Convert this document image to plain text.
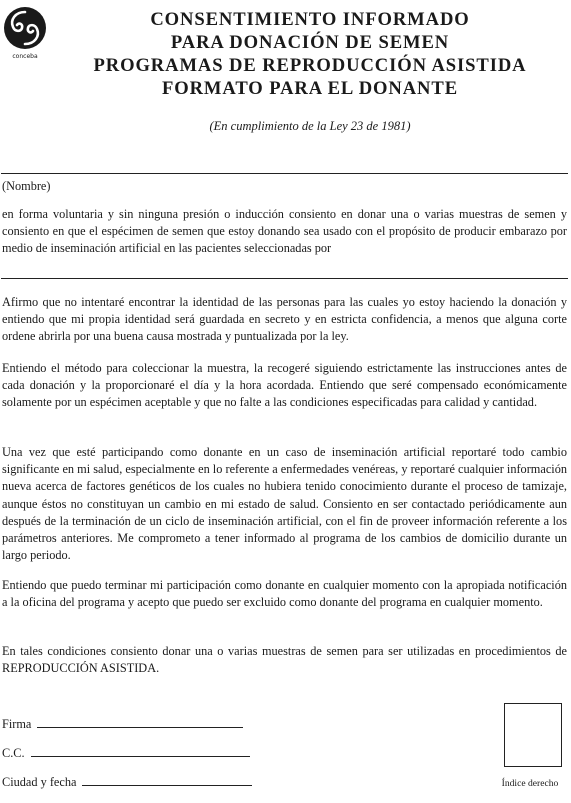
conceba
CONSENTIMIENTO INFORMADO
PARA DONACIÓN DE SEMEN
PROGRAMAS DE REPRODUCCIÓN ASISTIDA
FORMATO PARA EL DONANTE
(En cumplimiento de la Ley 23 de 1981)
(Nombre)

en forma voluntaria y sin ninguna presión o inducción consiento en donar una o varias muestras de semen y consiento en que el espécimen de semen que estoy donando sea usado con el propósito de producir embarazo por medio de inseminación artificial en las pacientes seleccionadas por

Afirmo que no intentaré encontrar la identidad de las personas para las cuales yo estoy haciendo la donación y entiendo que mi propia identidad será guardada en secreto y en estricta confidencia, a menos que alguna corte ordene abrirla por una buena causa mostrada y puntualizada por la ley.

Entiendo el método para coleccionar la muestra, la recogeré siguiendo estrictamente las instrucciones antes de cada donación y la proporcionaré el día y la hora acordada. Entiendo que seré compensado económicamente solamente por un espécimen aceptable y que no falte a las condiciones especificadas para calidad y cantidad.

Una vez que esté participando como donante en un caso de inseminación artificial reportaré todo cambio significante en mi salud, especialmente en lo referente a enfermedades venéreas, y reportaré cualquier información nueva acerca de factores genéticos de los cuales no hubiera tenido conocimiento durante el proceso de tamizaje, aunque éstos no constituyan un cambio en mi estado de salud. Consiento en ser contactado periódicamente aun después de la terminación de un ciclo de inseminación artificial, con el fin de proveer información referente a los parámetros anteriores. Me comprometo a tener informado al programa de los cambios de domicilio durante un largo periodo.

Entiendo que puedo terminar mi participación como donante en cualquier momento con la apropiada notificación a la oficina del programa y acepto que puedo ser excluido como donante del programa en cualquier momento.

En tales condiciones consiento donar una o varias muestras de semen para ser utilizadas en procedimientos de REPRODUCCIÓN ASISTIDA.

Firma
C.C.
Ciudad y fecha	Índice derecho
